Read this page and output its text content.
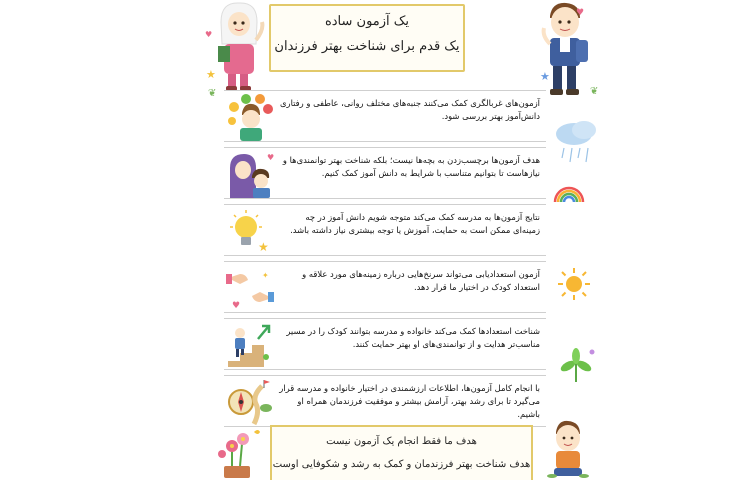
♥
★
❦
♥
★
❦
یک آزمون ساده
یک قدم برای شناخت بهتر فرزندان
آزمون‌های غربالگری کمک می‌کنند جنبه‌های مختلف روانی، عاطفی و رفتاری دانش‌آموز بهتر بررسی شود.
♥	هدف آزمون‌ها برچسب‌زدن به بچه‌ها نیست؛ بلکه شناخت بهتر توانمندی‌ها و نیازهاست تا بتوانیم متناسب با شرایط به دانش آموز کمک کنیم.
★
نتایج آزمون‌ها به مدرسه کمک می‌کند متوجه شویم دانش آموز در چه زمینه‌ای ممکن است به حمایت، آموزش یا توجه بیشتری نیاز داشته باشد.
♥
✦	آزمون استعدادیابی می‌تواند سرنخ‌هایی درباره زمینه‌های مورد علاقه و استعداد کودک در اختیار ما قرار دهد.
شناخت استعدادها کمک می‌کند خانواده و مدرسه بتوانند کودک را در مسیر مناسب‌تر هدایت و از توانمندی‌های او بهتر حمایت کنند.
با انجام کامل آزمون‌ها، اطلاعات ارزشمندی در اختیار خانواده و مدرسه قرار می‌گیرد تا برای رشد بهتر، آرامش بیشتر و موفقیت فرزندمان همراه او باشیم.
هدف ما فقط انجام یک آزمون نیست
هدف شناخت بهتر فرزندمان و کمک به رشد و شکوفایی اوست
